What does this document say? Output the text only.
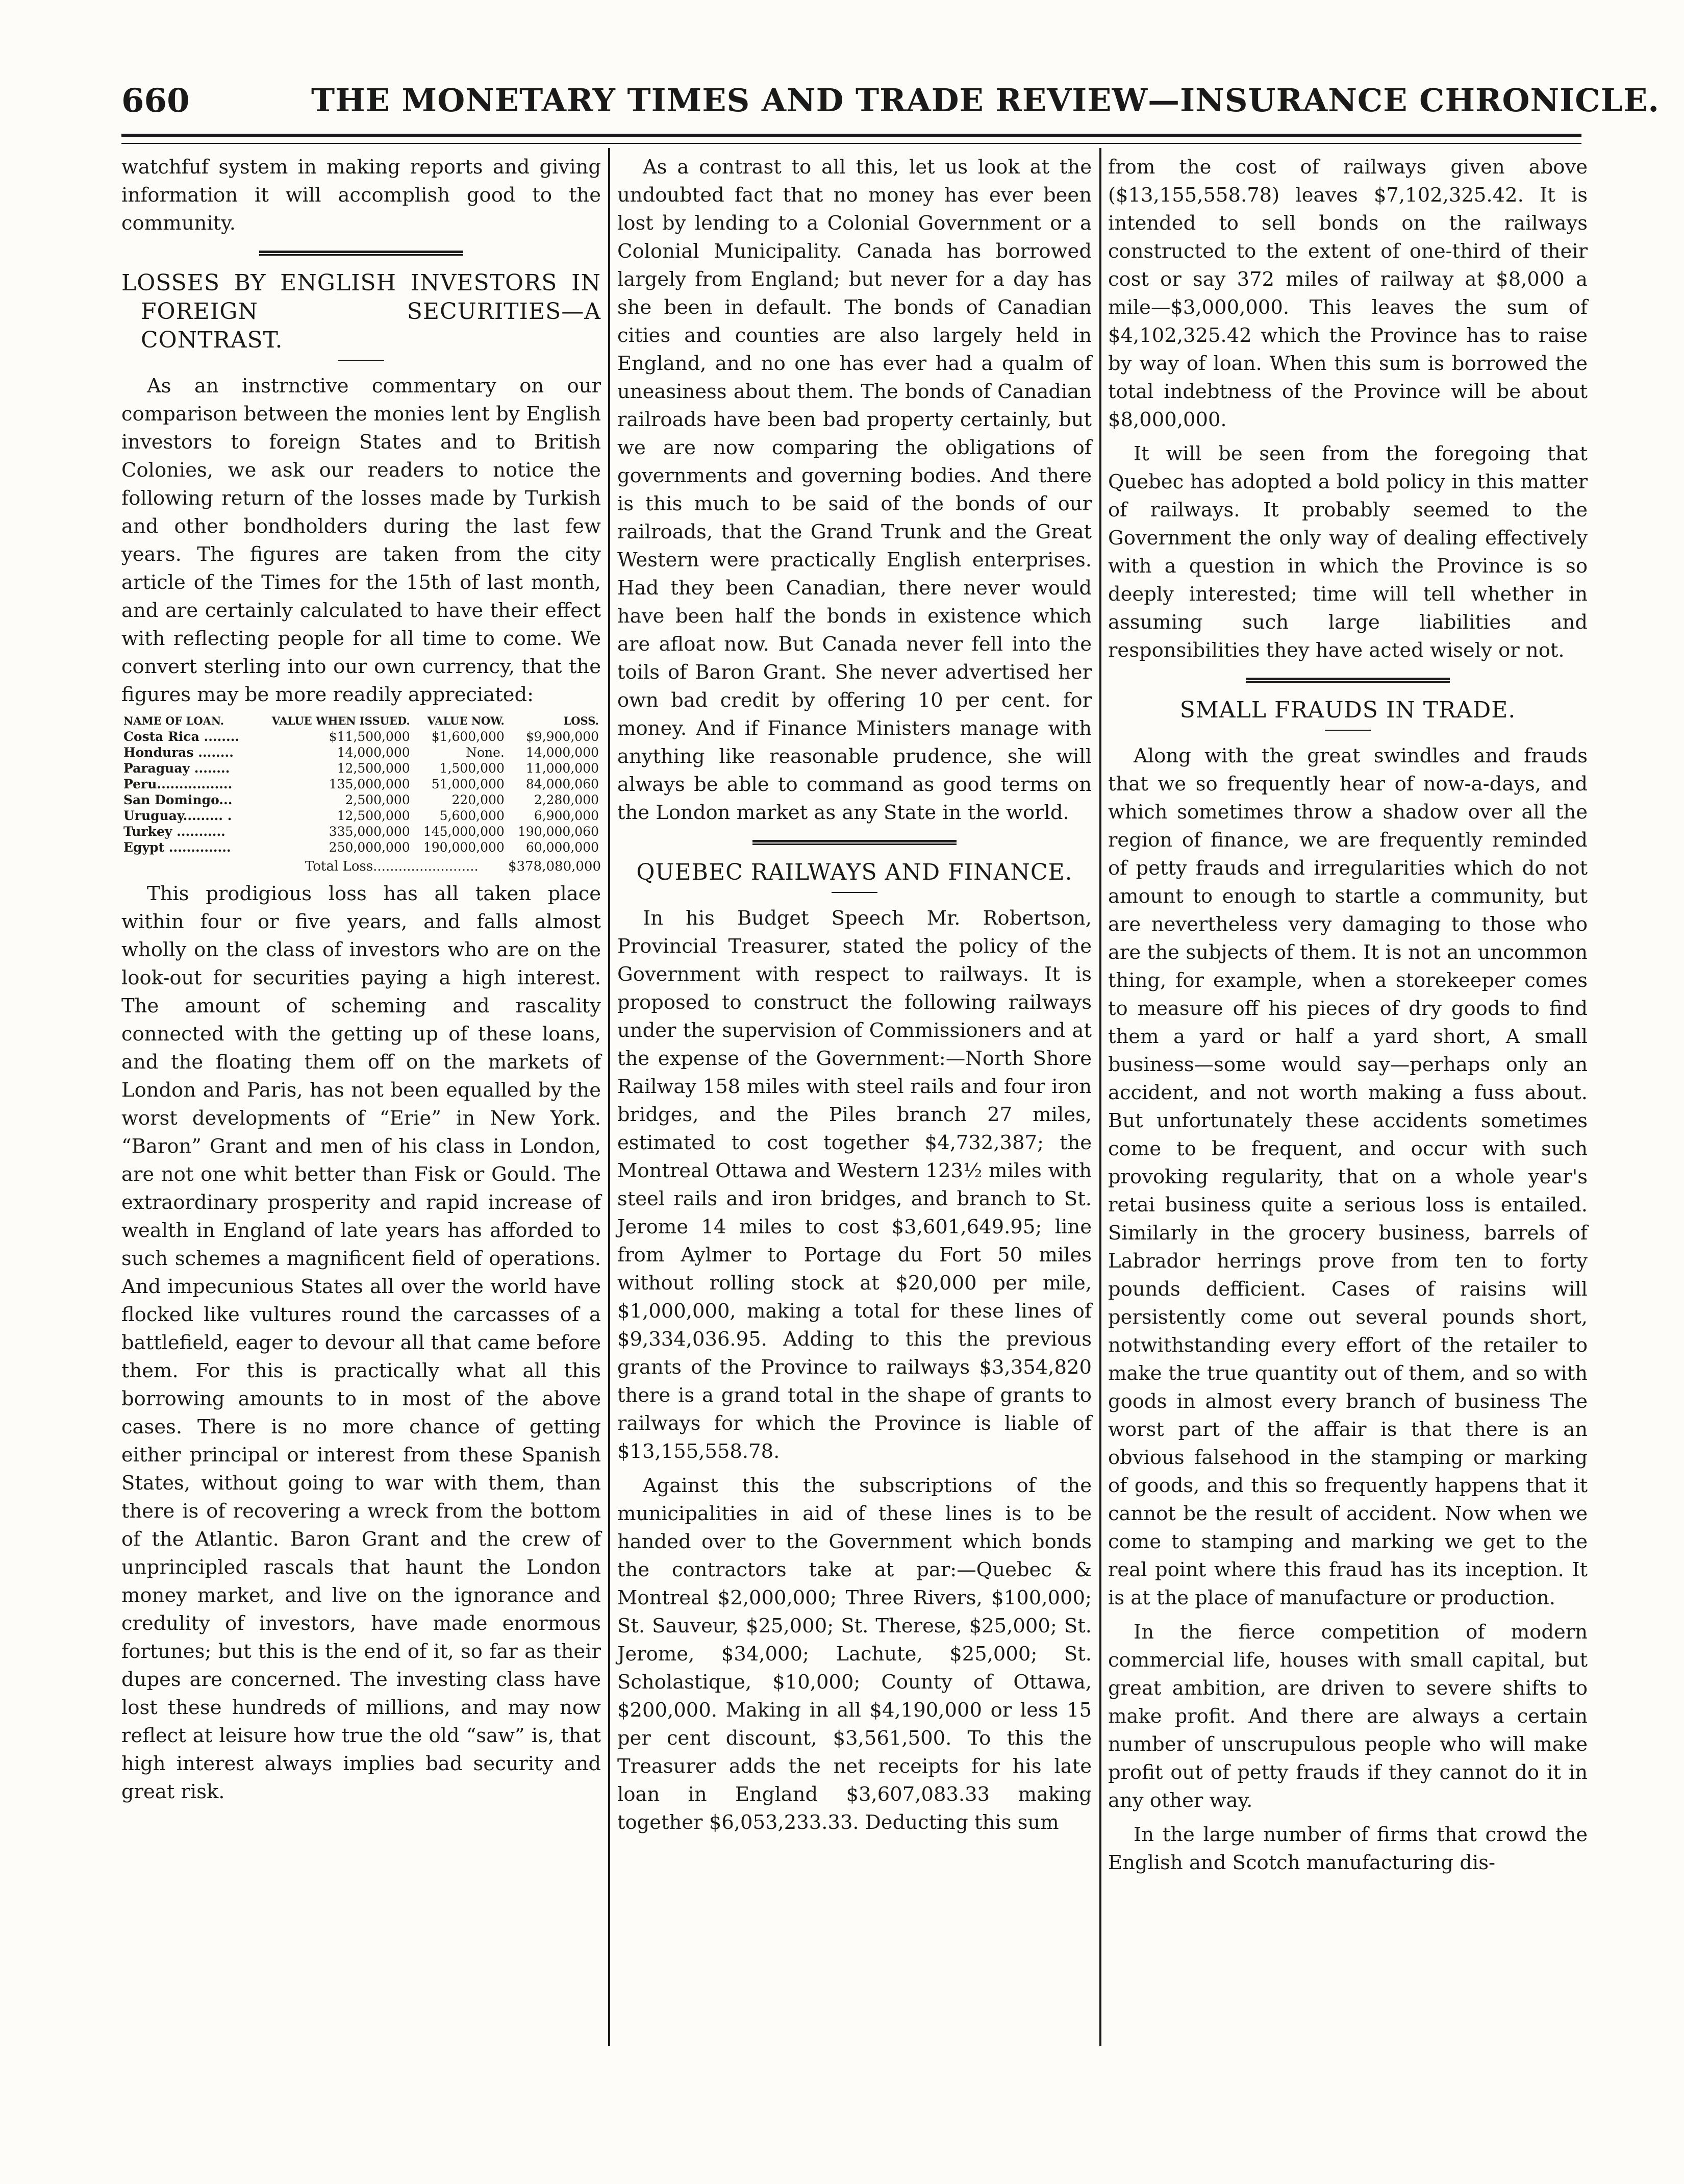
660	THE MONETARY TIMES AND TRADE REVIEW—INSURANCE CHRONICLE.

watchfuf system in making reports and giving information it will accomplish good to the community.

LOSSES BY ENGLISH INVESTORS IN FOREIGN SECURITIES—A CONTRAST.

As an instrnctive commentary on our comparison between the monies lent by English investors to foreign States and to British Colonies, we ask our readers to notice the following return of the losses made by Turkish and other bondholders during the last few years. The figures are taken from the city article of the Times for the 15th of last month, and are certainly calculated to have their effect with reflecting people for all time to come. We convert sterling into our own currency, that the figures may be more readily appreciated:

NAME OF LOAN.	VALUE WHEN ISSUED.	VALUE NOW.	LOSS.
Costa Rica ........	$11,500,000	$1,600,000	$9,900,000
Honduras ........	14,000,000	None.	14,000,000
Paraguay ........	12,500,000	1,500,000	11,000,000
Peru.................	135,000,000	51,000,000	84,000,060
San Domingo...	2,500,000	220,000	2,280,000
Uruguay......... .	12,500,000	5,600,000	6,900,000
Turkey ...........	335,000,000	145,000,000	190,000,060
Egypt ..............	250,000,000	190,000,000	60,000,000
Total Loss......................... $378,080,000

This prodigious loss has all taken place within four or five years, and falls almost wholly on the class of investors who are on the look-out for securities paying a high interest. The amount of scheming and rascality connected with the getting up of these loans, and the floating them off on the markets of London and Paris, has not been equalled by the worst developments of “Erie” in New York. “Baron” Grant and men of his class in London, are not one whit better than Fisk or Gould. The extraordinary prosperity and rapid increase of wealth in England of late years has afforded to such schemes a magnificent field of operations. And impecunious States all over the world have flocked like vultures round the carcasses of a battlefield, eager to devour all that came before them. For this is practically what all this borrowing amounts to in most of the above cases. There is no more chance of getting either principal or interest from these Spanish States, without going to war with them, than there is of recovering a wreck from the bottom of the Atlantic. Baron Grant and the crew of unprincipled rascals that haunt the London money market, and live on the ignorance and credulity of investors, have made enormous fortunes; but this is the end of it, so far as their dupes are concerned. The investing class have lost these hundreds of millions, and may now reflect at leisure how true the old “saw” is, that high interest always implies bad security and great risk.

As a contrast to all this, let us look at the undoubted fact that no money has ever been lost by lending to a Colonial Government or a Colonial Municipality. Canada has borrowed largely from England; but never for a day has she been in default. The bonds of Canadian cities and counties are also largely held in England, and no one has ever had a qualm of uneasiness about them. The bonds of Canadian railroads have been bad property certainly, but we are now comparing the obligations of governments and governing bodies. And there is this much to be said of the bonds of our railroads, that the Grand Trunk and the Great Western were practically English enterprises. Had they been Canadian, there never would have been half the bonds in existence which are afloat now. But Canada never fell into the toils of Baron Grant. She never advertised her own bad credit by offering 10 per cent. for money. And if Finance Ministers manage with anything like reasonable prudence, she will always be able to command as good terms on the London market as any State in the world.

QUEBEC RAILWAYS AND FINANCE.

In his Budget Speech Mr. Robertson, Provincial Treasurer, stated the policy of the Government with respect to railways. It is proposed to construct the following railways under the supervision of Commissioners and at the expense of the Government:—North Shore Railway 158 miles with steel rails and four iron bridges, and the Piles branch 27 miles, estimated to cost together $4,732,387; the Montreal Ottawa and Western 123½ miles with steel rails and iron bridges, and branch to St. Jerome 14 miles to cost $3,601,649.95; line from Aylmer to Portage du Fort 50 miles without rolling stock at $20,000 per mile, $1,000,000, making a total for these lines of $9,334,036.95. Adding to this the previous grants of the Province to railways $3,354,820 there is a grand total in the shape of grants to railways for which the Province is liable of $13,155,558.78.

Against this the subscriptions of the municipalities in aid of these lines is to be handed over to the Government which bonds the contractors take at par:—Quebec & Montreal $2,000,000; Three Rivers, $100,000; St. Sauveur, $25,000; St. Therese, $25,000; St. Jerome, $34,000; Lachute, $25,000; St. Scholastique, $10,000; County of Ottawa, $200,000. Making in all $4,190,000 or less 15 per cent discount, $3,561,500. To this the Treasurer adds the net receipts for his late loan in England $3,607,083.33 making together $6,053,233.33. Deducting this sum

from the cost of railways given above ($13,155,558.78) leaves $7,102,325.42. It is intended to sell bonds on the railways constructed to the extent of one-third of their cost or say 372 miles of railway at $8,000 a mile—$3,000,000. This leaves the sum of $4,102,325.42 which the Province has to raise by way of loan. When this sum is borrowed the total indebtness of the Province will be about $8,000,000.

It will be seen from the foregoing that Quebec has adopted a bold policy in this matter of railways. It probably seemed to the Government the only way of dealing effectively with a question in which the Province is so deeply interested; time will tell whether in assuming such large liabilities and responsibilities they have acted wisely or not.

SMALL FRAUDS IN TRADE.

Along with the great swindles and frauds that we so frequently hear of now-a-days, and which sometimes throw a shadow over all the region of finance, we are frequently reminded of petty frauds and irregularities which do not amount to enough to startle a community, but are nevertheless very damaging to those who are the subjects of them. It is not an uncommon thing, for example, when a storekeeper comes to measure off his pieces of dry goods to find them a yard or half a yard short, A small business—some would say—perhaps only an accident, and not worth making a fuss about. But unfortunately these accidents sometimes come to be frequent, and occur with such provoking regularity, that on a whole year's retai business quite a serious loss is entailed. Similarly in the grocery business, barrels of Labrador herrings prove from ten to forty pounds defficient. Cases of raisins will persistently come out several pounds short, notwithstanding every effort of the retailer to make the true quantity out of them, and so with goods in almost every branch of business The worst part of the affair is that there is an obvious falsehood in the stamping or marking of goods, and this so frequently happens that it cannot be the result of accident. Now when we come to stamping and marking we get to the real point where this fraud has its inception. It is at the place of manufacture or production.

In the fierce competition of modern commercial life, houses with small capital, but great ambition, are driven to severe shifts to make profit. And there are always a certain number of unscrupulous people who will make profit out of petty frauds if they cannot do it in any other way.

In the large number of firms that crowd the English and Scotch manufacturing dis-
